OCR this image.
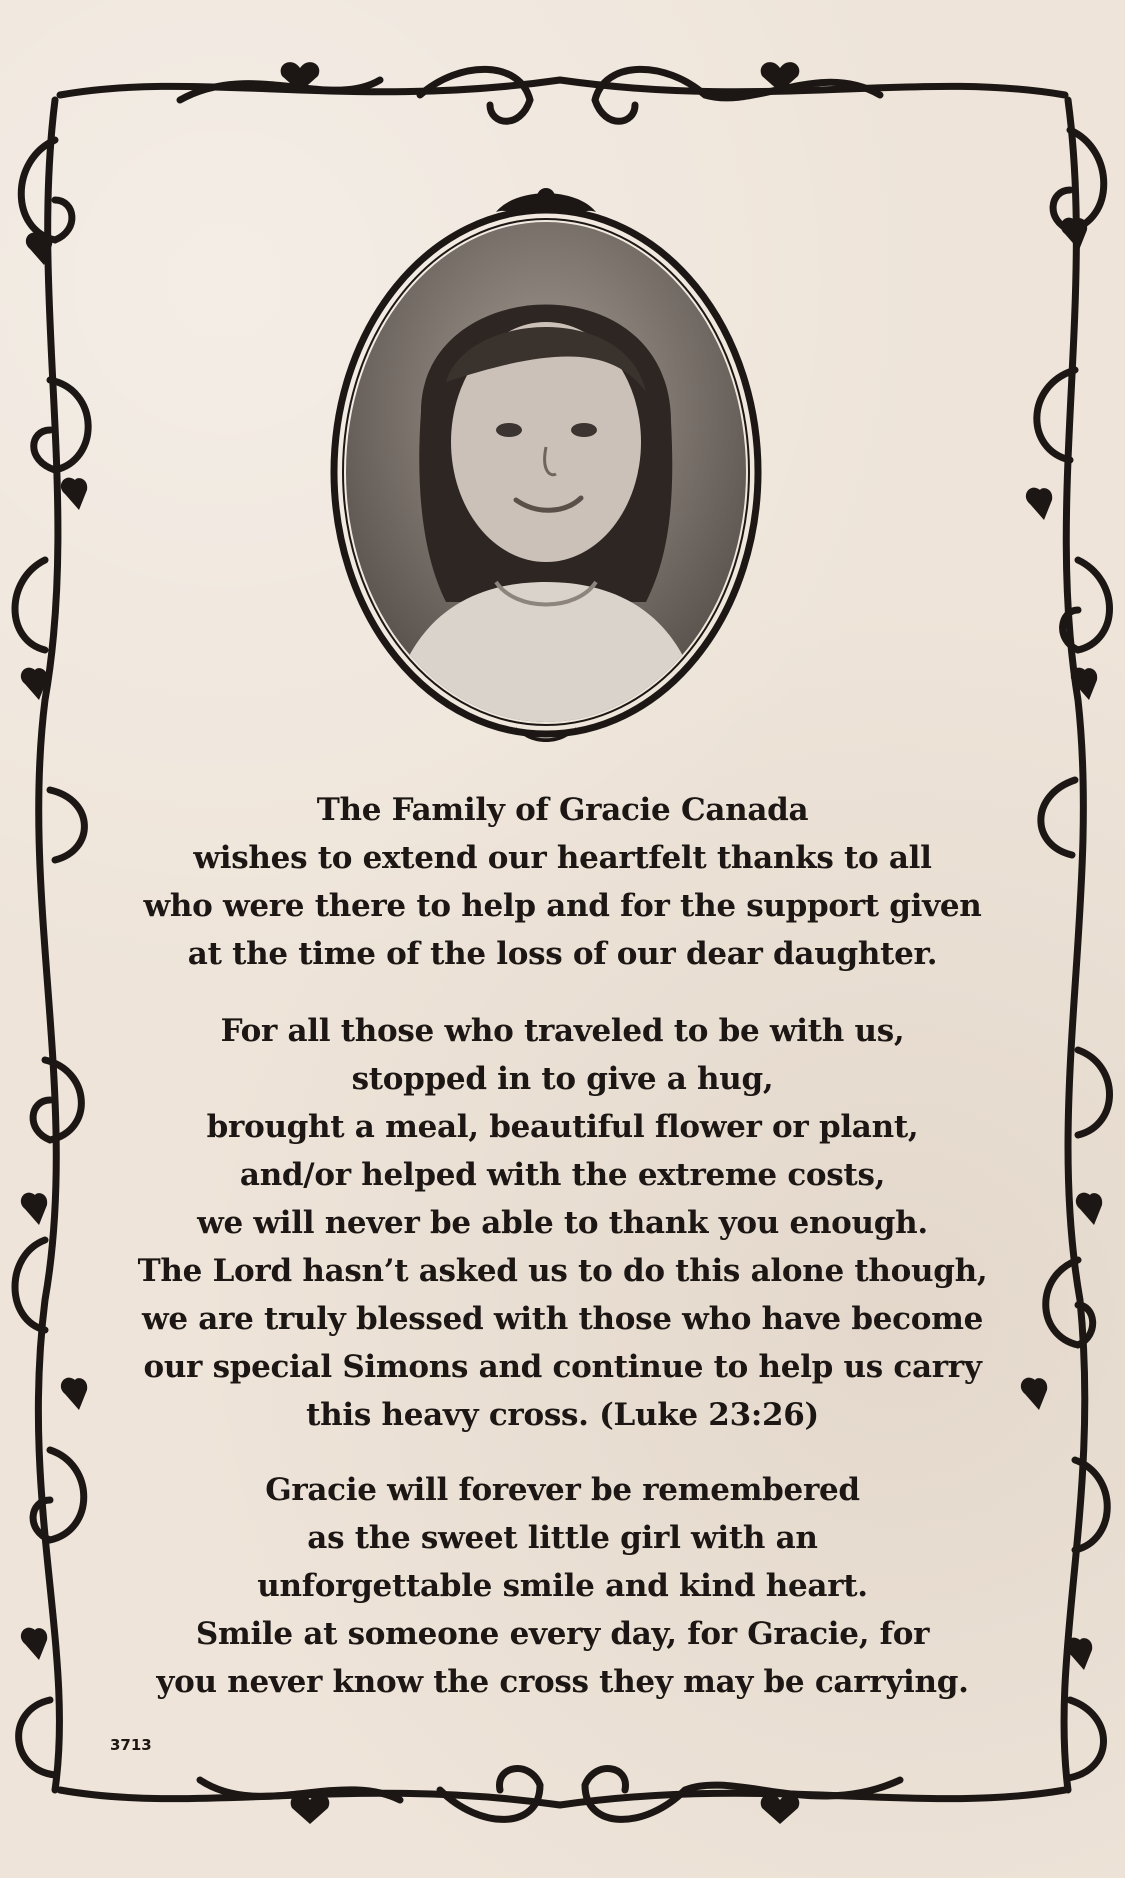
The Family of Gracie Canada

wishes to extend our heartfelt thanks to all

who were there to help and for the support given

at the time of the loss of our dear daughter.

For all those who traveled to be with us,

stopped in to give a hug,

brought a meal, beautiful flower or plant,

and/or helped with the extreme costs,

we will never be able to thank you enough.

The Lord hasn’t asked us to do this alone though,

we are truly blessed with those who have become

our special Simons and continue to help us carry

this heavy cross. (Luke 23:26)

Gracie will forever be remembered

as the sweet little girl with an

unforgettable smile and kind heart.

Smile at someone every day, for Gracie, for

you never know the cross they may be carrying.

3713
